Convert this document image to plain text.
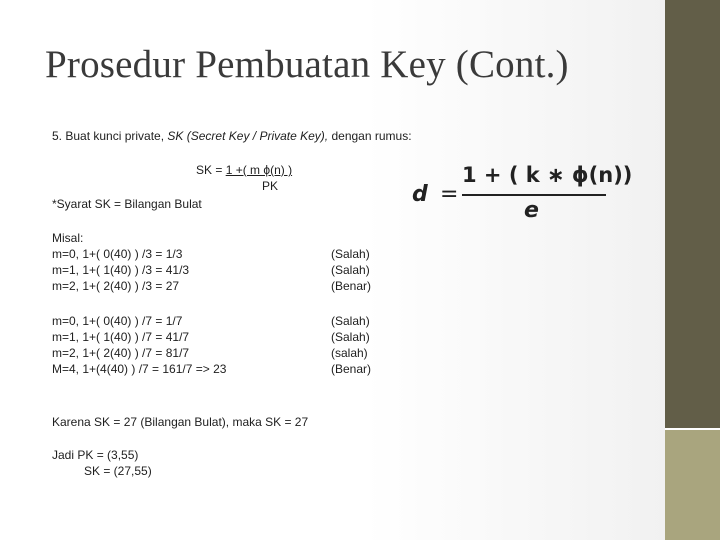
Prosedur Pembuatan Key (Cont.)
5. Buat kunci private, SK (Secret Key / Private Key), dengan rumus:
SK = 1 +( m ϕ(n) )
PK
*Syarat SK = Bilangan Bulat	d =
1 + ( k ∗ ϕ(n))
e
Misal:
m=0, 1+( 0(40) ) /3 = 1/3
m=1, 1+( 1(40) ) /3 = 41/3
m=2, 1+( 2(40) ) /3 = 27
(Salah)
(Salah)
(Benar)
m=0, 1+( 0(40) ) /7 = 1/7
m=1, 1+( 1(40) ) /7 = 41/7
m=2, 1+( 2(40) ) /7 = 81/7
M=4, 1+(4(40) ) /7 = 161/7 => 23
(Salah)
(Salah)
(salah)
(Benar)
Karena SK = 27 (Bilangan Bulat), maka SK = 27
Jadi PK = (3,55)
SK = (27,55)
